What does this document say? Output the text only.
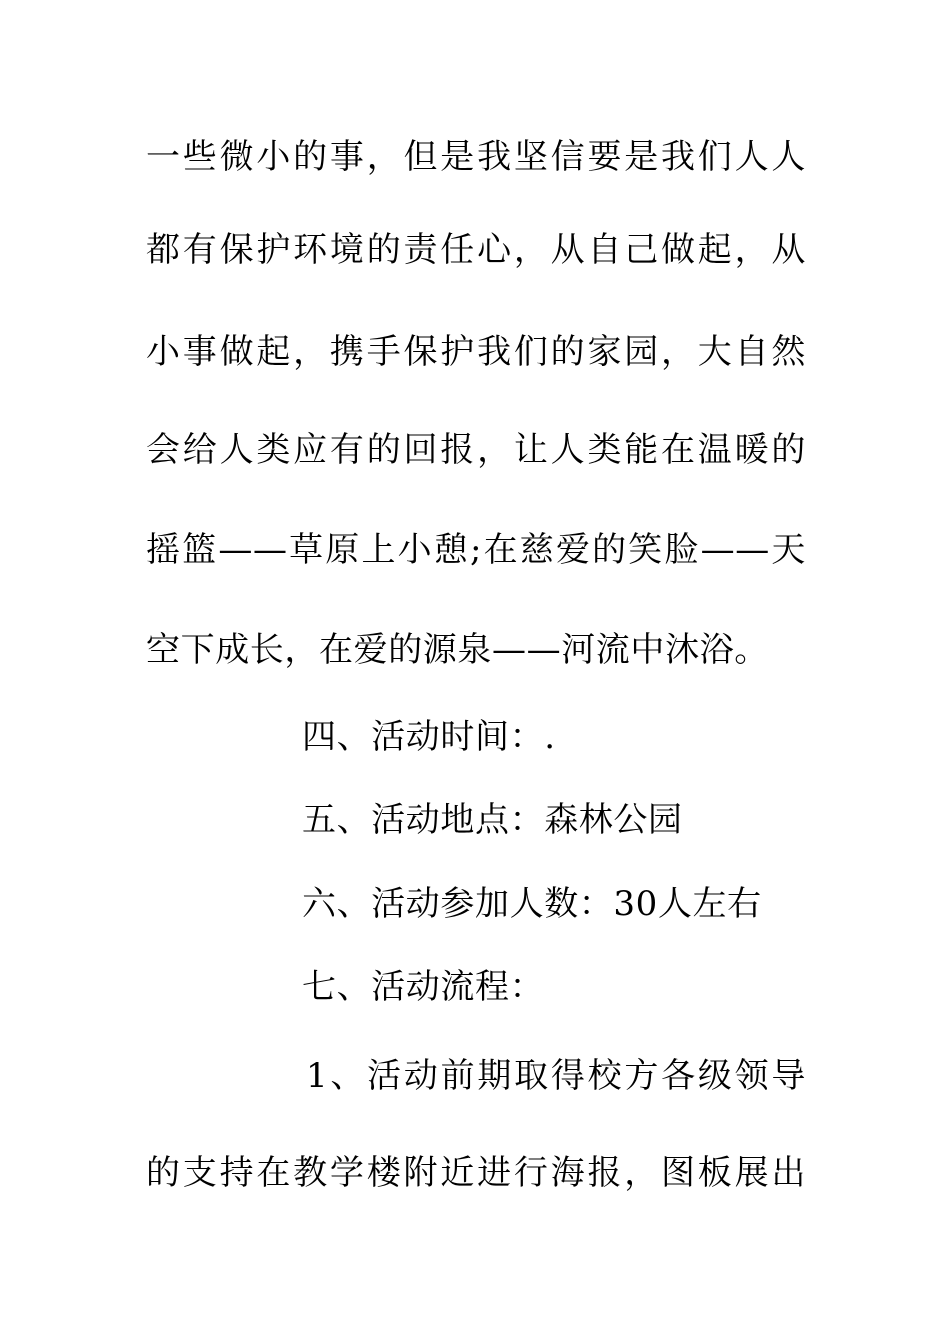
一些微小的事，但是我坚信要是我们人人
都有保护环境的责任心，从自己做起，从
小事做起，携手保护我们的家园，大自然
会给人类应有的回报，让人类能在温暖的
摇篮——草原上小憩;在慈爱的笑脸——天
空下成长，在爱的源泉——河流中沐浴。
四、活动时间：.
五、活动地点：森林公园
六、活动参加人数：30人左右
七、活动流程：
1、活动前期取得校方各级领导
的支持在教学楼附近进行海报，图板展出
